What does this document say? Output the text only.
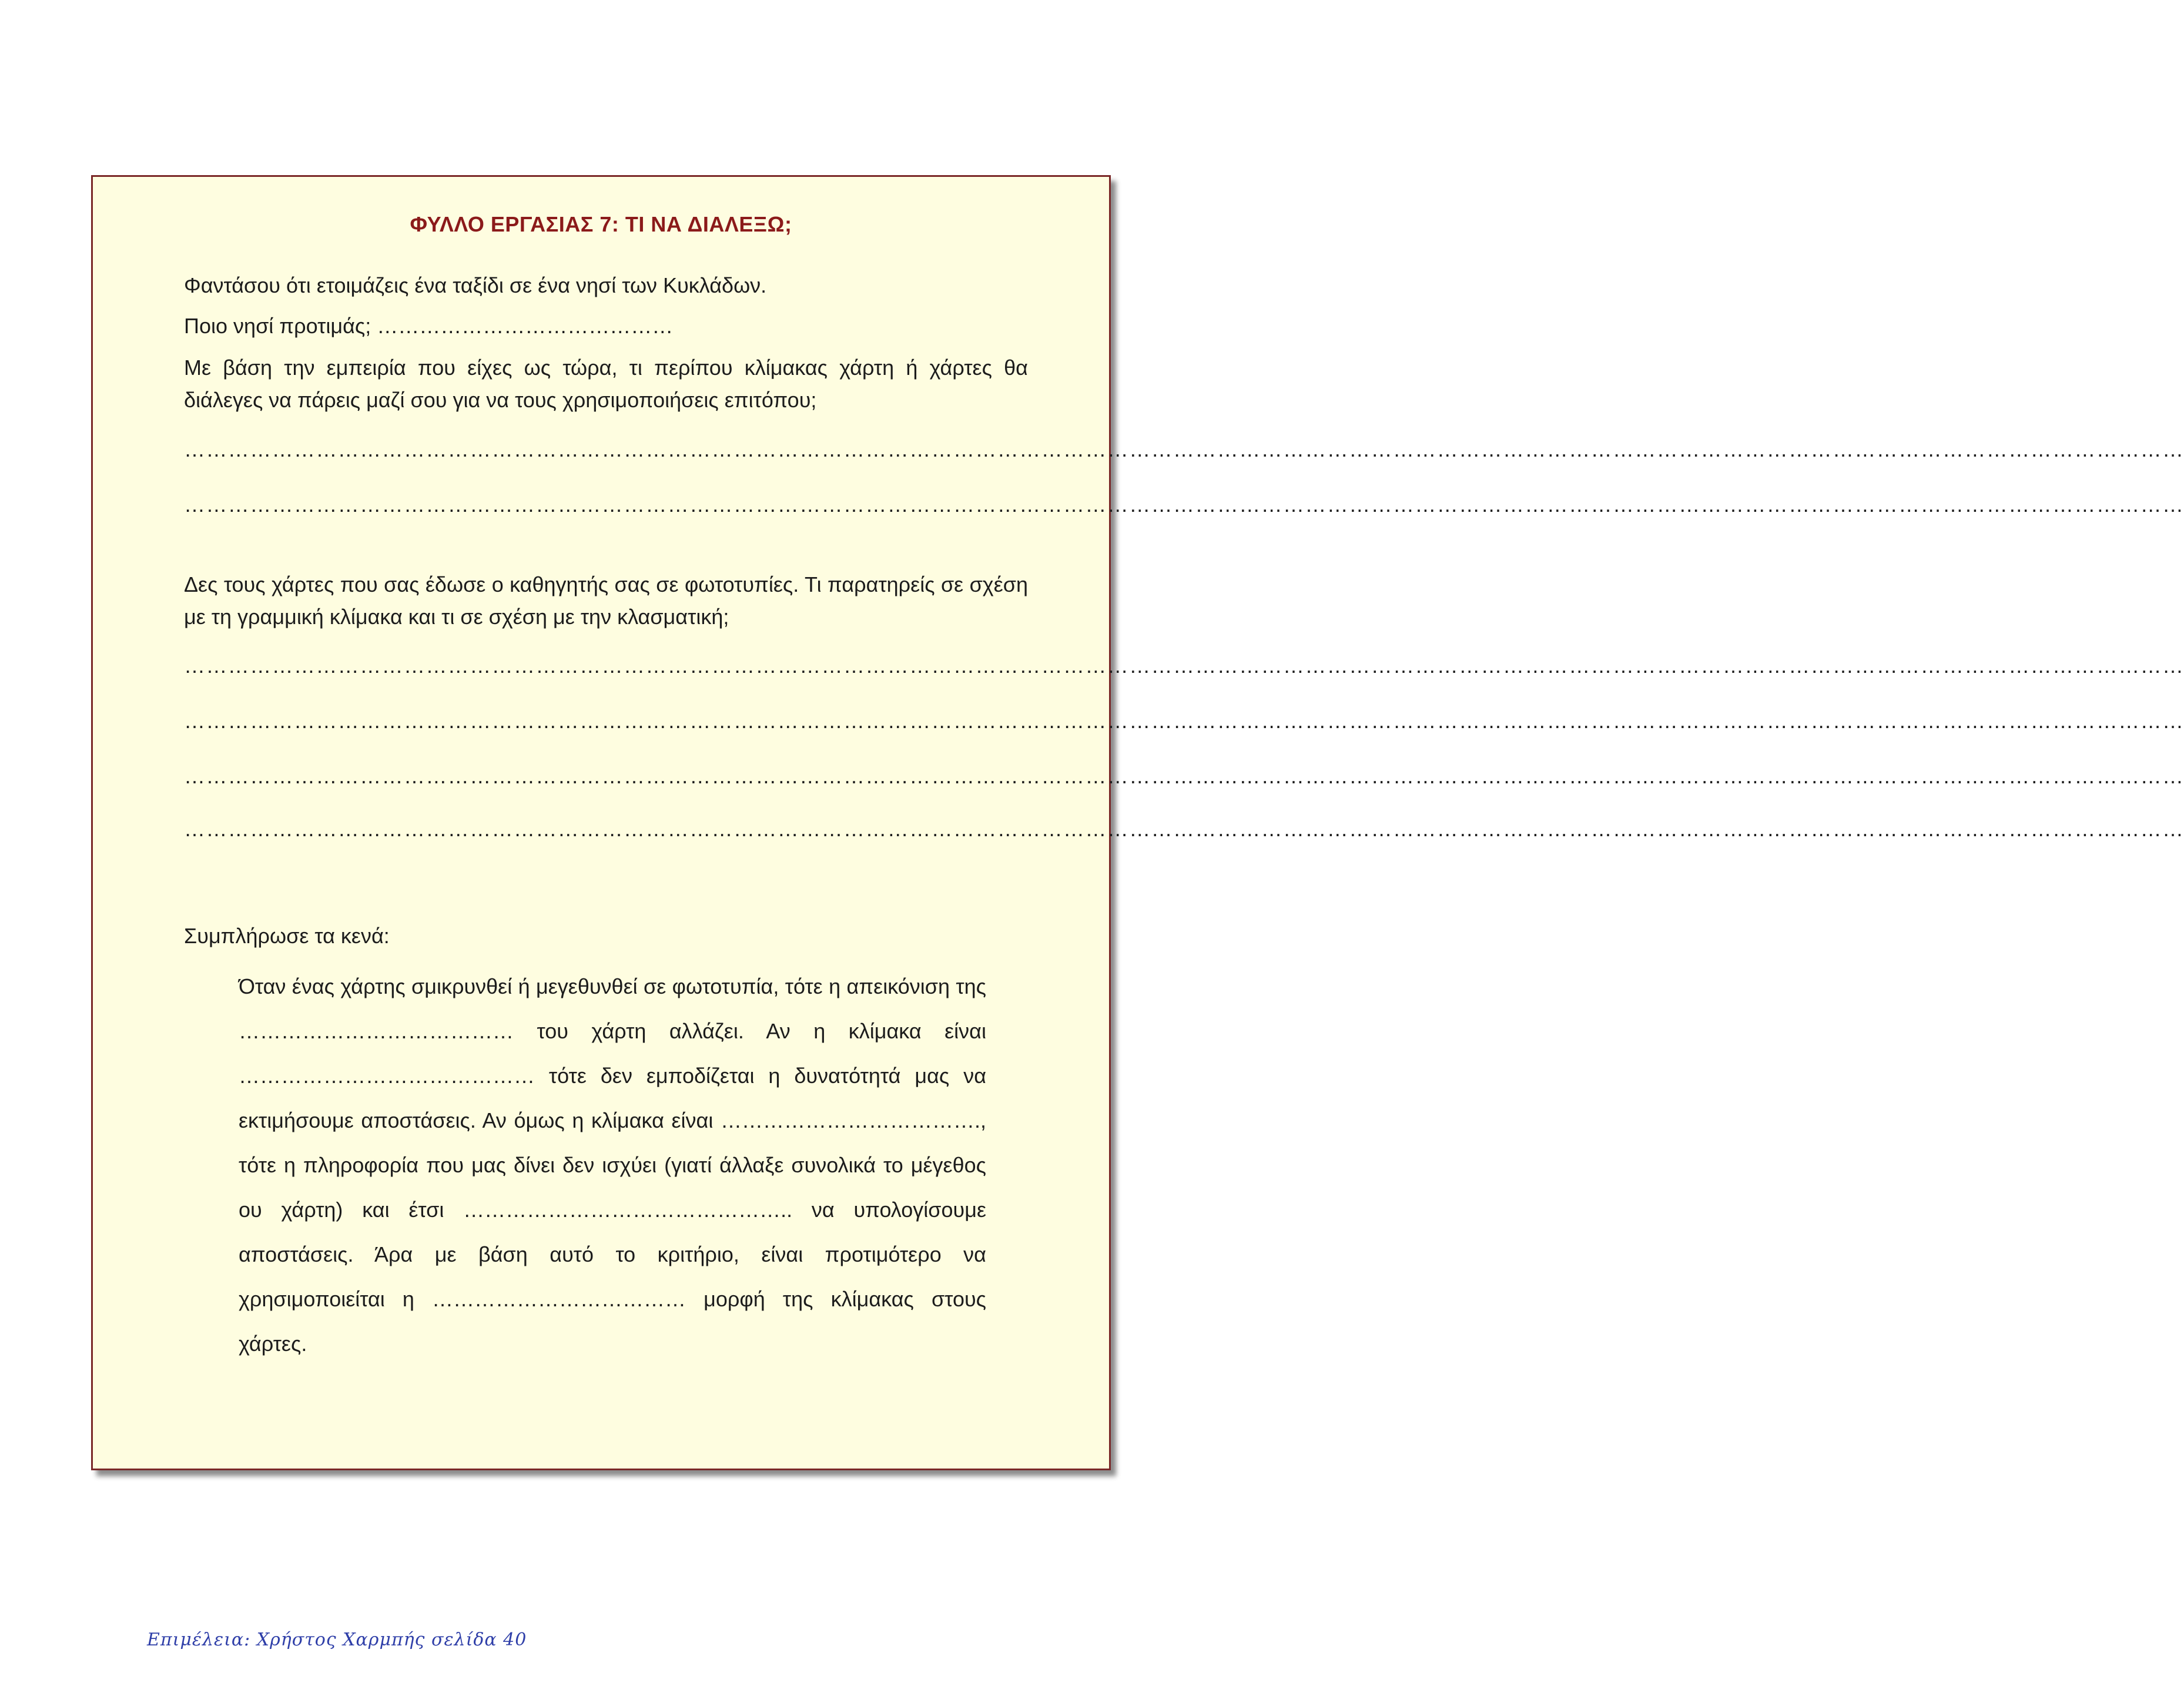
ΦΥΛΛΟ ΕΡΓΑΣΙΑΣ 7: ΤΙ ΝΑ ΔΙΑΛΕΞΩ;
Φαντάσου ότι ετοιμάζεις ένα ταξίδι σε ένα νησί των Κυκλάδων.
Ποιο νησί προτιμάς; ……………………………………
Με βάση την εμπειρία που είχες ως τώρα, τι περίπου κλίμακας χάρτη ή χάρτες θα διάλεγες να πάρεις μαζί σου για να τους χρησιμοποιήσεις επιτόπου;
…………………………………………………………………………………………………………………………………………………………………………………………………………………………………………………
…………………………………………………………………………………………………………………………………………………………………………………………………………………………………………………
Δες τους χάρτες που σας έδωσε ο καθηγητής σας σε φωτοτυπίες. Τι παρατηρείς σε σχέση με τη γραμμική κλίμακα και τι σε σχέση με την κλασματική;
…………………………………………………………………………………………………………………………………………………………………………………………………………………………………………………
…………………………………………………………………………………………………………………………………………………………………………………………………………………………………………………
…………………………………………………………………………………………………………………………………………………………………………………………………………………………………………………
…………………………………………………………………………………………………………………………………………………………………………………………………………………………………………………
Συμπλήρωσε τα κενά:
Όταν ένας χάρτης σμικρυνθεί ή μεγεθυνθεί σε φωτοτυπία, τότε η απεικόνιση της ………………………………… του χάρτη αλλάζει. Αν η κλίμακα είναι …………………………………… τότε δεν εμποδίζεται η δυνατότητά μας να εκτιμήσουμε αποστάσεις. Αν όμως η κλίμακα είναι ………………………………., τότε η πληροφορία που μας δίνει δεν ισχύει (γιατί άλλαξε συνολικά το μέγεθος ου χάρτη) και έτσι ……………………………………….. να υπολογίσουμε αποστάσεις. Άρα με βάση αυτό το κριτήριο, είναι προτιμότερο να χρησιμοποιείται η ……………………………… μορφή της κλίμακας στους χάρτες.
Επιμέλεια: Χρήστος Χαρμπής σελίδα 40
